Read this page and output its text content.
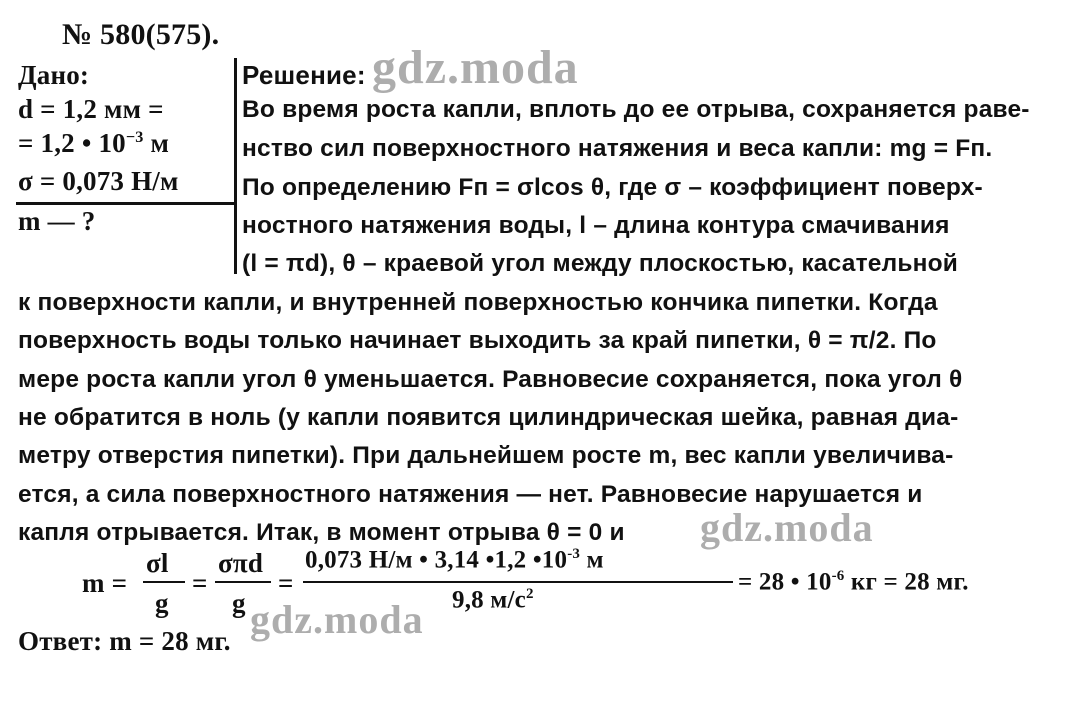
№ 580(575).
Дано:
d = 1,2 мм =
= 1,2 • $10^{-3}$ м
σ = 0,073 Н/м
m — ?
Решение:
Во время роста капли, вплоть до ее отрыва, сохраняется раве-
нство сил поверхностного натяжения и веса капли: mg = Fп.
По определению Fп = σlcos θ, где σ – коэффициент поверх-
ностного натяжения воды, l – длина контура смачивания
(l = πd), θ – краевой угол между плоскостью, касательной
к поверхности капли, и внутренней поверхностью кончика пипетки. Когда
поверхность воды только начинает выходить за край пипетки, θ = π/2. По
мере роста капли угол θ уменьшается. Равновесие сохраняется, пока угол θ
не обратится в ноль (у капли появится цилиндрическая шейка, равная диа-
метру отверстия пипетки). При дальнейшем росте m, вес капли увеличива-
ется, а сила поверхностного натяжения — нет. Равновесие нарушается и
капля отрывается. Итак, в момент отрыва θ = 0 и
m =
σl
g
=
σπd
g
=
0,073 Н/м • 3,14 •1,2 $•10^{-3}$ м
9,8 $м/с^2$	= 28 • $10^{-6}$ кг = 28 мг.
Ответ: m = 28 мг.
gdz.moda
gdz.moda
gdz.moda
